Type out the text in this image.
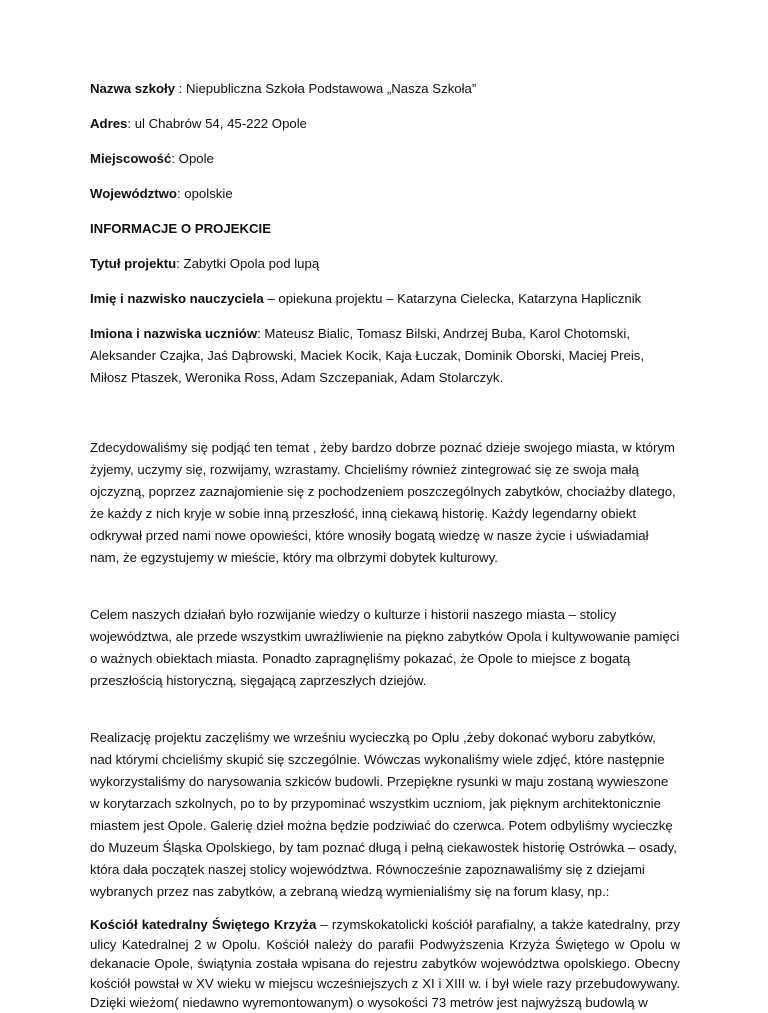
Nazwa szkoły : Niepubliczna Szkoła Podstawowa „Nasza Szkoła”

Adres: ul Chabrów 54, 45-222 Opole

Miejscowość: Opole

Województwo: opolskie

INFORMACJE O PROJEKCIE

Tytuł projektu: Zabytki Opola pod lupą

Imię i nazwisko nauczyciela – opiekuna projektu – Katarzyna Cielecka, Katarzyna Haplicznik

Imiona i nazwiska uczniów: Mateusz Bialic, Tomasz Bilski, Andrzej Buba, Karol Chotomski, Aleksander Czajka, Jaś Dąbrowski, Maciek Kocik, Kaja Łuczak, Dominik Oborski, Maciej Preis, Miłosz Ptaszek, Weronika Ross, Adam Szczepaniak, Adam Stolarczyk.

Zdecydowaliśmy się podjąć ten temat , żeby bardzo dobrze poznać dzieje swojego miasta, w którym żyjemy, uczymy się, rozwijamy, wzrastamy. Chcieliśmy również zintegrować się ze swoja małą ojczyzną, poprzez zaznajomienie się z pochodzeniem poszczególnych zabytków, chociażby dlatego, że każdy z nich kryje w sobie inną przeszłość, inną ciekawą historię. Każdy legendarny obiekt odkrywał przed nami nowe opowieści, które wnosiły bogatą wiedzę w nasze życie i uświadamiał nam, że egzystujemy w mieście, który ma olbrzymi dobytek kulturowy.

Celem naszych działań było rozwijanie wiedzy o kulturze i historii naszego miasta – stolicy województwa, ale przede wszystkim uwrażliwienie na piękno zabytków Opola i kultywowanie pamięci o ważnych obiektach miasta. Ponadto zapragnęliśmy pokazać, że Opole to miejsce z bogatą przeszłością historyczną, sięgającą zaprzeszłych dziejów.

Realizację projektu zaczęliśmy we wrześniu wycieczką po Oplu ,żeby dokonać wyboru zabytków, nad którymi chcieliśmy skupić się szczególnie. Wówczas wykonaliśmy wiele zdjęć, które następnie wykorzystaliśmy do narysowania szkiców budowli. Przepiękne rysunki w maju zostaną wywieszone w korytarzach szkolnych, po to by przypominać wszystkim uczniom, jak pięknym architektonicznie miastem jest Opole. Galerię dzieł można będzie podziwiać do czerwca. Potem odbyliśmy wycieczkę do Muzeum Śląska Opolskiego, by tam poznać długą i pełną ciekawostek historię Ostrówka – osady, która dała początek naszej stolicy województwa. Równocześnie zapoznawaliśmy się z dziejami wybranych przez nas zabytków, a zebraną wiedzą wymienialiśmy się na forum klasy, np.:

Kościół katedralny Świętego Krzyża – rzymskokatolicki kościół parafialny, a także katedralny, przy ulicy Katedralnej 2 w Opolu. Kościół należy do parafii Podwyższenia Krzyża Świętego w Opolu w dekanacie Opole, świątynia została wpisana do rejestru zabytków województwa opolskiego. Obecny kościół powstał w XV wieku w miejscu wcześniejszych z XI i XIII w. i był wiele razy przebudowywany. Dzięki wieżom( niedawno wyremontowanym) o wysokości 73 metrów jest najwyższą budowlą w
